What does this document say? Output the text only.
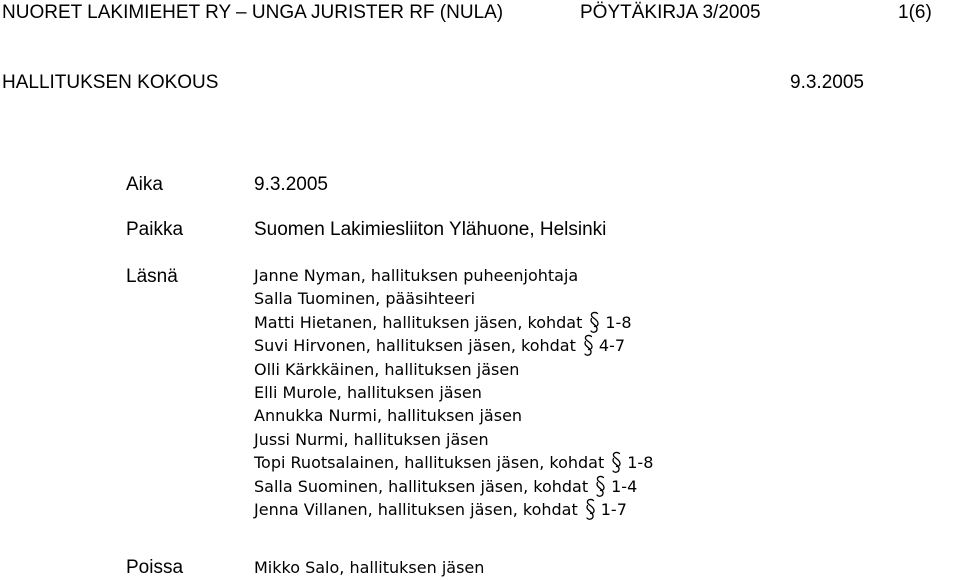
NUORET LAKIMIEHET RY – UNGA JURISTER RF (NULA)	PÖYTÄKIRJA 3/2005	1(6)
HALLITUKSEN KOKOUS	9.3.2005
Aika	9.3.2005
Paikka	Suomen Lakimiesliiton Ylähuone, Helsinki
Läsnä	Janne Nyman, hallituksen puheenjohtaja
Salla Tuominen, pääsihteeri
Matti Hietanen, hallituksen jäsen, kohdat 1-8
Suvi Hirvonen, hallituksen jäsen, kohdat 4-7
Olli Kärkkäinen, hallituksen jäsen
Elli Murole, hallituksen jäsen
Annukka Nurmi, hallituksen jäsen
Jussi Nurmi, hallituksen jäsen
Topi Ruotsalainen, hallituksen jäsen, kohdat 1-8
Salla Suominen, hallituksen jäsen, kohdat 1-4
Jenna Villanen, hallituksen jäsen, kohdat 1-7
Poissa	Mikko Salo, hallituksen jäsen
